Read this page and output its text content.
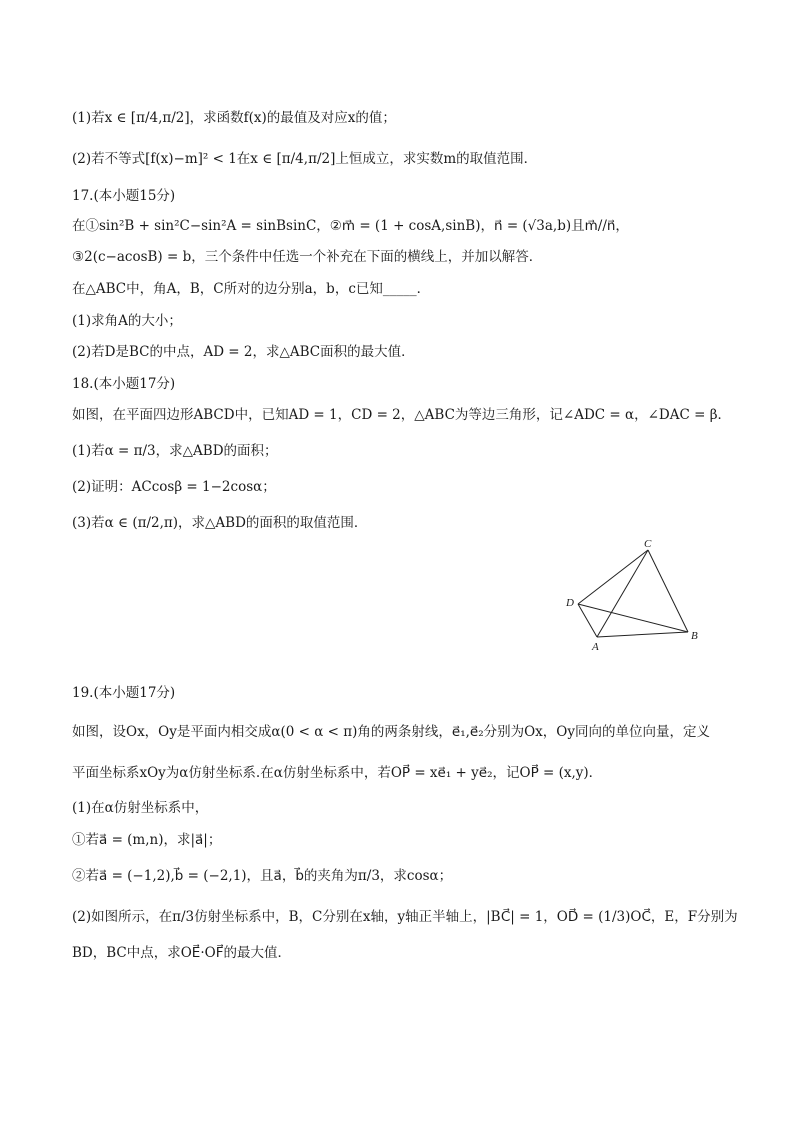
(1)若x ∈ [π/4,π/2]，求函数f(x)的最值及对应x的值；
(2)若不等式[f(x)−m]² < 1在x ∈ [π/4,π/2]上恒成立，求实数m的取值范围．
17.(本小题15分)
在①sin²B + sin²C−sin²A = sinBsinC，②m⃗ = (1 + cosA,sinB)，n⃗ = (√3a,b)且m⃗//n⃗，
③2(c−acosB) = b，三个条件中任选一个补充在下面的横线上，并加以解答．
在△ABC中，角A，B，C所对的边分别a，b，c已知_____．
(1)求角A的大小；
(2)若D是BC的中点，AD = 2，求△ABC面积的最大值．
18.(本小题17分)
如图，在平面四边形ABCD中，已知AD = 1，CD = 2，△ABC为等边三角形，记∠ADC = α，∠DAC = β．
(1)若α = π/3，求△ABD的面积；
(2)证明：ACcosβ = 1−2cosα；
(3)若α ∈ (π/2,π)，求△ABD的面积的取值范围．
C
D
A
B
19.(本小题17分)
如图，设Ox，Oy是平面内相交成α(0 < α < π)角的两条射线，e⃗₁,e⃗₂分别为Ox，Oy同向的单位向量，定义
平面坐标系xOy为α仿射坐标系.在α仿射坐标系中，若OP⃗ = xe⃗₁ + ye⃗₂，记OP⃗ = (x,y)．
(1)在α仿射坐标系中，
①若a⃗ = (m,n)，求|a⃗|；
②若a⃗ = (−1,2),b⃗ = (−2,1)，且a⃗，b⃗的夹角为π/3，求cosα；
(2)如图所示，在π/3仿射坐标系中，B，C分别在x轴，y轴正半轴上，|BC⃗| = 1，OD⃗ = (1/3)OC⃗，E，F分别为
BD，BC中点，求OE⃗·OF⃗的最大值．
